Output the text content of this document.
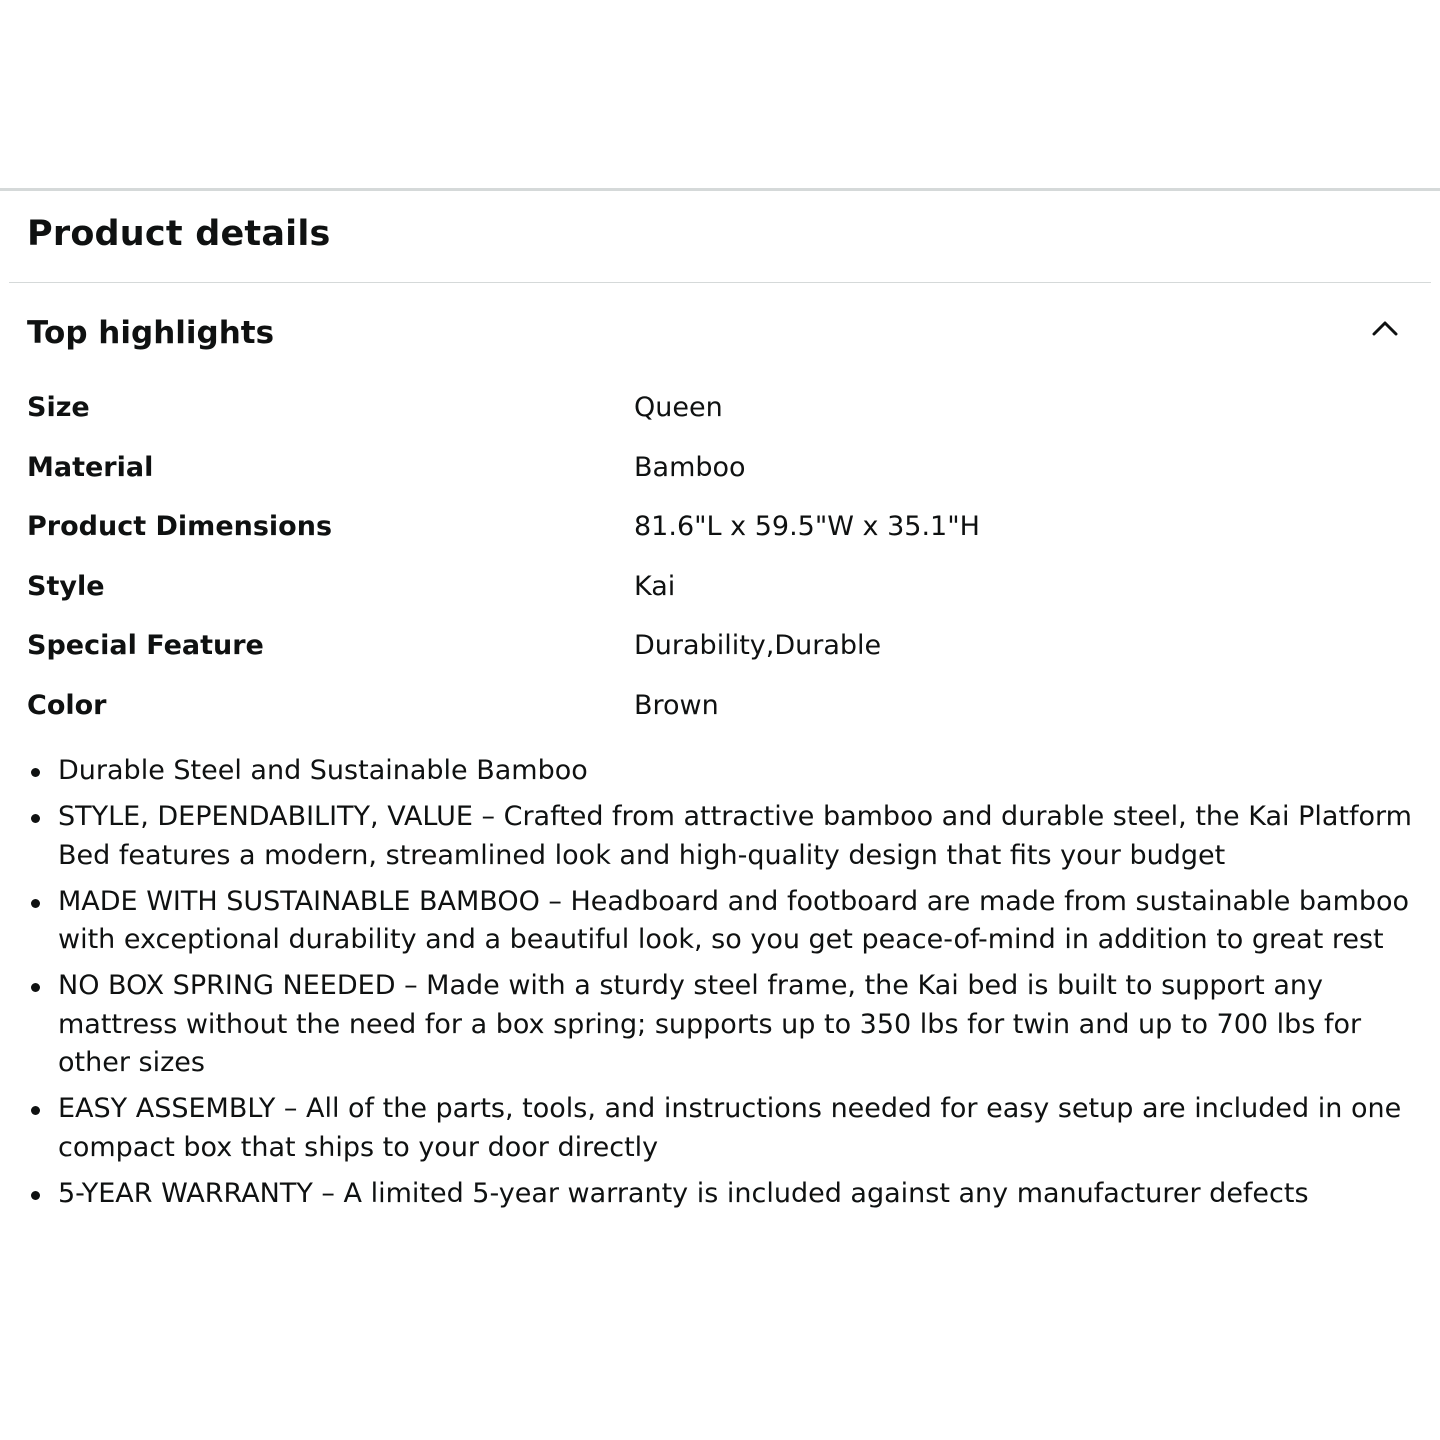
Product details
Top highlights
Size	Queen
Material	Bamboo
Product Dimensions	81.6"L x 59.5"W x 35.1"H
Style	Kai
Special Feature	Durability,Durable
Color	Brown
Durable Steel and Sustainable Bamboo
STYLE, DEPENDABILITY, VALUE – Crafted from attractive bamboo and durable steel, the Kai Platform Bed features a modern, streamlined look and high-quality design that fits your budget
MADE WITH SUSTAINABLE BAMBOO – Headboard and footboard are made from sustainable bamboo with exceptional durability and a beautiful look, so you get peace-of-mind in addition to great rest
NO BOX SPRING NEEDED – Made with a sturdy steel frame, the Kai bed is built to support any mattress without the need for a box spring; supports up to 350 lbs for twin and up to 700 lbs for other sizes
EASY ASSEMBLY – All of the parts, tools, and instructions needed for easy setup are included in one compact box that ships to your door directly
5-YEAR WARRANTY – A limited 5-year warranty is included against any manufacturer defects
